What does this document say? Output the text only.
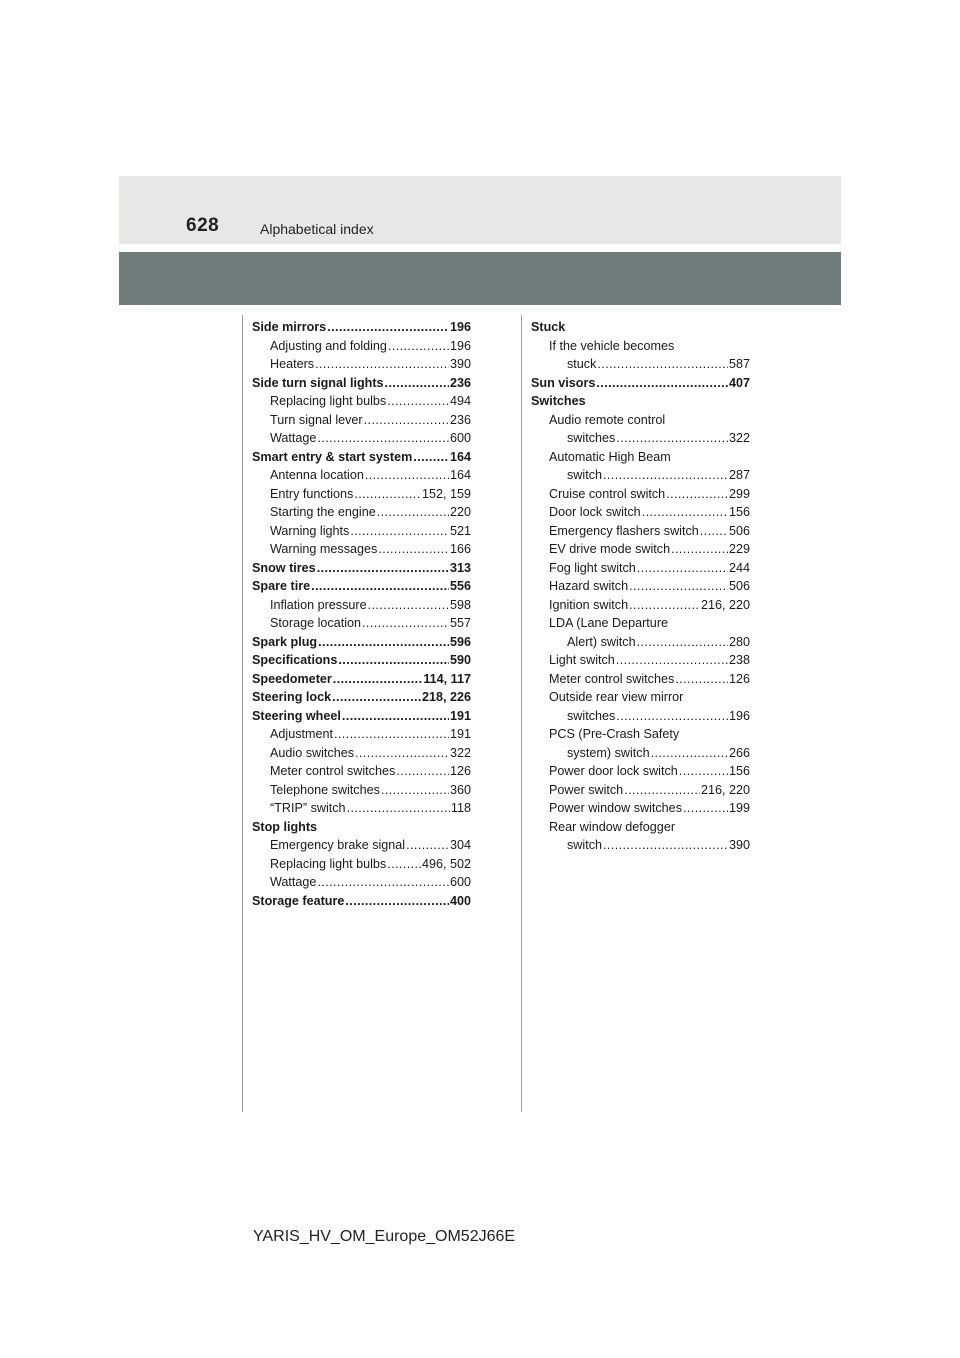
628	Alphabetical index
Side mirrors .....	196
Adjusting and folding .....	196
Heaters .....	390
Side turn signal lights .....	236
Replacing light bulbs .....	494
Turn signal lever .....	236
Wattage .....	600
Smart entry & start system .....	164
Antenna location .....	164
Entry functions .....	152, 159
Starting the engine .....	220
Warning lights .....	521
Warning messages .....	166
Snow tires .....	313
Spare tire .....	556
Inflation pressure .....	598
Storage location .....	557
Spark plug .....	596
Specifications .....	590
Speedometer .....	114, 117
Steering lock .....	218, 226
Steering wheel .....	191
Adjustment .....	191
Audio switches .....	322
Meter control switches .....	126
Telephone switches .....	360
“TRIP” switch .....	118
Stop lights
Emergency brake signal .....	304
Replacing light bulbs .....	496, 502
Wattage .....	600
Storage feature .....	400
Stuck
If the vehicle becomes
stuck .....	587
Sun visors .....	407
Switches
Audio remote control
switches .....	322
Automatic High Beam
switch .....	287
Cruise control switch .....	299
Door lock switch .....	156
Emergency flashers switch ..... 506
EV drive mode switch .....	229
Fog light switch .....	244
Hazard switch .....	506
Ignition switch .....	216, 220
LDA (Lane Departure
Alert) switch .....	280
Light switch .....	238
Meter control switches .....	126
Outside rear view mirror
switches .....	196
PCS (Pre-Crash Safety
system) switch .....	266
Power door lock switch .....	156
Power switch .....	216, 220
Power window switches .....	199
Rear window defogger
switch .....	390
YARIS_HV_OM_Europe_OM52J66E
